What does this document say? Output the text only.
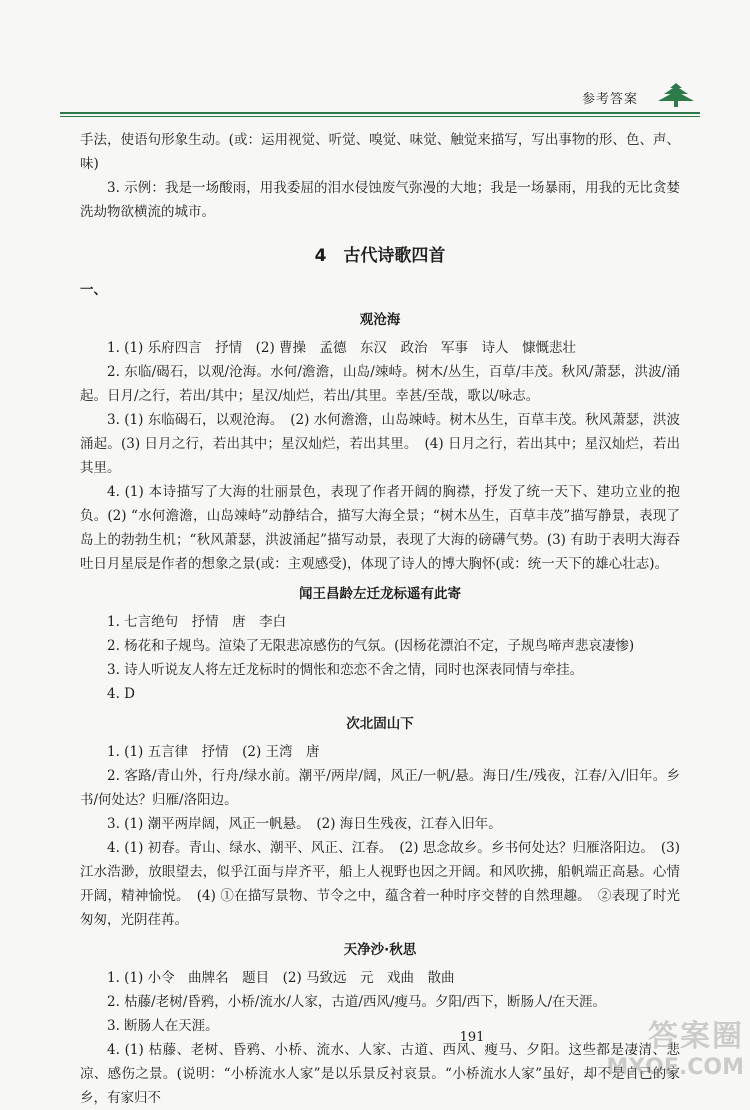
参考答案

手法，使语句形象生动。(或：运用视觉、听觉、嗅觉、味觉、触觉来描写，写出事物的形、色、声、味)

3. 示例：我是一场酸雨，用我委屈的泪水侵蚀废气弥漫的大地；我是一场暴雨，用我的无比贪婪洗劫物欲横流的城市。

4　古代诗歌四首
一、
观沧海

1. (1) 乐府四言　抒情　(2) 曹操　孟德　东汉　政治　军事　诗人　慷慨悲壮

2. 东临/碣石，以观/沧海。水何/澹澹，山岛/竦峙。树木/丛生，百草/丰茂。秋风/萧瑟，洪波/涌起。日月/之行，若出/其中；星汉/灿烂，若出/其里。幸甚/至哉，歌以/咏志。

3. (1) 东临碣石，以观沧海。　(2) 水何澹澹，山岛竦峙。树木丛生，百草丰茂。秋风萧瑟，洪波涌起。(3) 日月之行，若出其中；星汉灿烂，若出其里。　(4) 日月之行，若出其中；星汉灿烂，若出其里。

4. (1) 本诗描写了大海的壮丽景色，表现了作者开阔的胸襟，抒发了统一天下、建功立业的抱负。(2) “水何澹澹，山岛竦峙”动静结合，描写大海全景；“树木丛生，百草丰茂”描写静景，表现了岛上的勃勃生机；“秋风萧瑟，洪波涌起”描写动景，表现了大海的磅礴气势。(3) 有助于表明大海吞吐日月星辰是作者的想象之景(或：主观感受)，体现了诗人的博大胸怀(或：统一天下的雄心壮志)。

闻王昌龄左迁龙标遥有此寄

1. 七言绝句　抒情　唐　李白

2. 杨花和子规鸟。渲染了无限悲凉感伤的气氛。(因杨花漂泊不定，子规鸟啼声悲哀凄惨)

3. 诗人听说友人将左迁龙标时的惆怅和恋恋不舍之情，同时也深表同情与牵挂。

4. D

次北固山下

1. (1) 五言律　抒情　(2) 王湾　唐

2. 客路/青山外，行舟/绿水前。潮平/两岸/阔，风正/一帆/悬。海日/生/残夜，江春/入/旧年。乡书/何处达？归雁/洛阳边。

3. (1) 潮平两岸阔，风正一帆悬。　(2) 海日生残夜，江春入旧年。

4. (1) 初春。青山、绿水、潮平、风正、江春。　(2) 思念故乡。乡书何处达？归雁洛阳边。　(3) 江水浩渺，放眼望去，似乎江面与岸齐平，船上人视野也因之开阔。和风吹拂，船帆端正高悬。心情开阔，精神愉悦。　(4) ①在描写景物、节令之中，蕴含着一种时序交替的自然理趣。　②表现了时光匆匆，光阴荏苒。

天净沙·秋思

1. (1) 小令　曲牌名　题目　(2) 马致远　元　戏曲　散曲

2. 枯藤/老树/昏鸦，小桥/流水/人家，古道/西风/瘦马。夕阳/西下，断肠人/在天涯。

3. 断肠人在天涯。

4. (1) 枯藤、老树、昏鸦、小桥、流水、人家、古道、西风、瘦马、夕阳。这些都是凄清、悲凉、感伤之景。(说明：“小桥流水人家”是以乐景反衬哀景。“小桥流水人家”虽好，却不是自己的家乡，有家归不

191	答案圈
MXQE.COM
